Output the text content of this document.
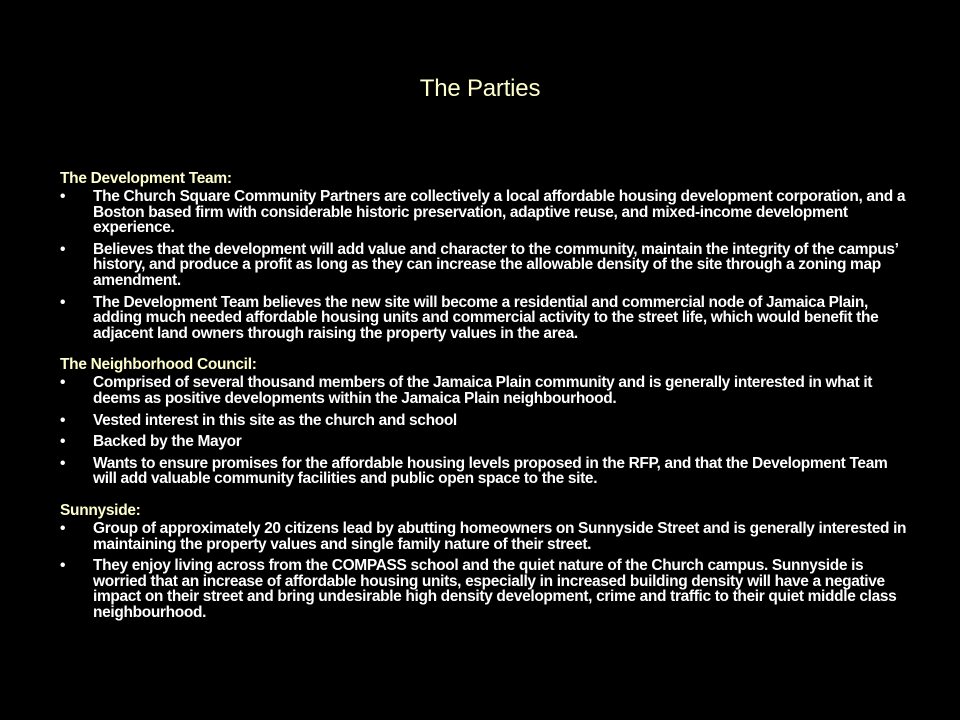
The Parties
The Development Team:
• The Church Square Community Partners are collectively a local affordable housing development corporation, and a Boston based firm with considerable historic preservation, adaptive reuse, and mixed-income development experience.
• Believes that the development will add value and character to the community, maintain the integrity of the campus’ history, and produce a profit as long as they can increase the allowable density of the site through a zoning map amendment.
• The Development Team believes the new site will become a residential and commercial node of Jamaica Plain, adding much needed affordable housing units and commercial activity to the street life, which would benefit the adjacent land owners through raising the property values in the area.
The Neighborhood Council:
• Comprised of several thousand members of the Jamaica Plain community and is generally interested in what it deems as positive developments within the Jamaica Plain neighbourhood.
• Vested interest in this site as the church and school
• Backed by the Mayor
• Wants to ensure promises for the affordable housing levels proposed in the RFP, and that the Development Team will add valuable community facilities and public open space to the site.
Sunnyside:
• Group of approximately 20 citizens lead by abutting homeowners on Sunnyside Street and is generally interested in maintaining the property values and single family nature of their street.
• They enjoy living across from the COMPASS school and the quiet nature of the Church campus. Sunnyside is worried that an increase of affordable housing units, especially in increased building density will have a negative impact on their street and bring undesirable high density development, crime and traffic to their quiet middle class neighbourhood.
